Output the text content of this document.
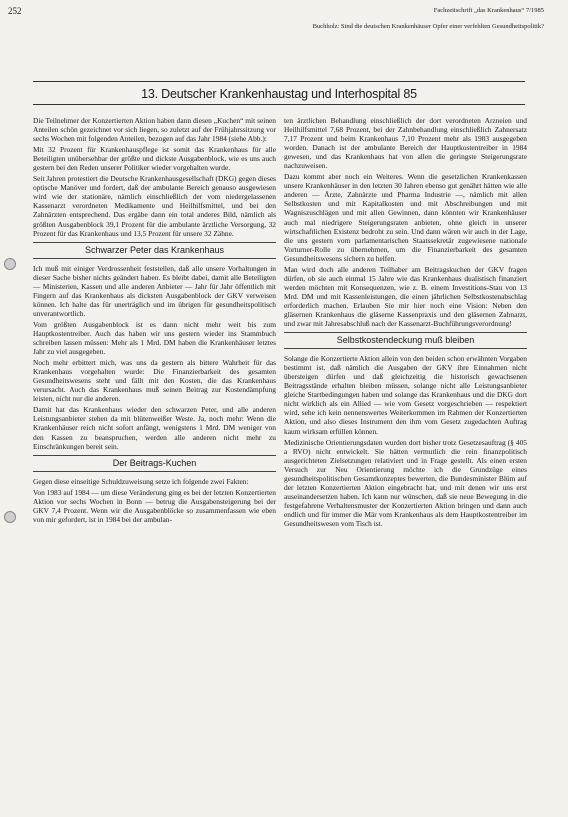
252	Fachzeitschrift „das Krankenhaus“ 7/1985
Buchholz: Sind die deutschen Krankenhäuser Opfer einer verfehlten Gesundheitspolitik?
13. Deutscher Krankenhaustag und Interhospital 85

Die Teilnehmer der Konzertierten Aktion haben dann diesen „Kuchen“ mit seinen Anteilen schön gezeichnet vor sich liegen, so zuletzt auf der Frühjahrssitzung vor sechs Wochen mit folgenden Anteilen, bezogen auf das Jahr 1984 (siehe Abb.):

Mit 32 Prozent für Krankenhauspflege ist somit das Krankenhaus für alle Beteiligten unübersehbar der größte und dickste Ausgabenblock, wie es uns auch gestern bei den Reden unserer Politiker wieder vorgehalten wurde.

Seit Jahren protestiert die Deutsche Krankenhausgesellschaft (DKG) gegen dieses optische Manöver und fordert, daß der ambulante Bereich genauso ausgewiesen wird wie der stationäre, nämlich einschließlich der vom niedergelassenen Kassenarzt verordneten Medikamente und Heilhilfsmittel, und bei den Zahnärzten entsprechend. Das ergäbe dann ein total anderes Bild, nämlich als größten Ausgabenblock 39,1 Prozent für die ambulante ärztliche Versorgung, 32 Prozent für das Krankenhaus und 13,5 Prozent für unsere 32 Zähne.

Schwarzer Peter das Krankenhaus

Ich muß mit einiger Verdrossenheit feststellen, daß alle unsere Vorhaltungen in dieser Sache bisher nichts geändert haben. Es bleibt dabei, damit alle Beteiligten — Ministerien, Kassen und alle anderen Anbieter — Jahr für Jahr öffentlich mit Fingern auf das Krankenhaus als dicksten Ausgabenblock der GKV verweisen können. Ich halte das für unerträglich und im übrigen für gesundheitspolitisch unverantwortlich.

Vom größten Ausgabenblock ist es dann nicht mehr weit bis zum Hauptkostentreiber. Auch das haben wir uns gestern wieder ins Stammbuch schreiben lassen müssen: Mehr als 1 Mrd. DM haben die Krankenhäuser letztes Jahr zu viel ausgegeben.

Noch mehr erbittert mich, was uns da gestern als bittere Wahrheit für das Krankenhaus vorgehalten wurde: Die Finanzierbarkeit des gesamten Gesundheitswesens steht und fällt mit den Kosten, die das Krankenhaus verursacht. Auch das Krankenhaus muß seinen Beitrag zur Kostendämpfung leisten, nicht nur die anderen.

Damit hat das Krankenhaus wieder den schwarzen Peter, und alle anderen Leistungsanbieter stehen da mit blütenweißer Weste. Ja, noch mehr: Wenn die Krankenhäuser reich nicht sofort anfängt, wenigstens 1 Mrd. DM weniger von den Kassen zu beanspruchen, werden alle anderen nicht mehr zu Einschränkungen bereit sein.

Der Beitrags-Kuchen

Gegen diese einseitige Schuldzuweisung setze ich folgende zwei Fakten:

Von 1983 auf 1984 — um diese Veränderung ging es bei der letzten Konzertierten Aktion vor sechs Wochen in Bonn — betrug die Ausgabensteigerung bei der GKV 7,4 Prozent. Wenn wir die Ausgabenblöcke so zusammenfassen wie eben von mir gefordert, ist in 1984 bei der ambulan-

ten ärztlichen Behandlung einschließlich der dort verordneten Arzneien und Heilhilfsmittel 7,68 Prozent, bei der Zahnbehandlung einschließlich Zahnersatz 7,17 Prozent und beim Krankenhaus 7,10 Prozent mehr als 1983 ausgegeben worden. Danach ist der ambulante Bereich der Hauptkostentreiber in 1984 gewesen, und das Krankenhaus hat von allen die geringste Steigerungsrate nachzuweisen.

Dazu kommt aber noch ein Weiteres. Wenn die gesetzlichen Krankenkassen unsere Krankenhäuser in den letzten 30 Jahren ebenso gut genährt hätten wie alle anderen — Ärzte, Zahnärzte und Pharma Industrie —, nämlich mit allen Selbstkosten und mit Kapitalkosten und mit Abschreibungen und mit Wagniszuschlägen und mit allen Gewinnen, dann könnten wir Krankenhäuser auch mal niedrigere Steigerungsraten anbieten, ohne gleich in unserer wirtschaftlichen Existenz bedroht zu sein. Und dann wären wir auch in der Lage, die uns gestern vom parlamentarischen Staatssekretär zugewiesene nationale Vorturner-Rolle zu übernehmen, um die Finanzierbarkeit des gesamten Gesundheitswesens sichern zu helfen.

Man wird doch alle anderen Teilhaber am Beitragskuchen der GKV fragen dürfen, ob sie auch einmal 15 Jahre wie das Krankenhaus dualistisch finanziert werden möchten mit Konsequenzen, wie z. B. einem Investitions-Stau von 13 Mrd. DM und mit Kassenleistungen, die einen jährlichen Selbstkostenabschlag erforderlich machen. Erlauben Sie mir hier noch eine Vision: Neben den gläsernen Krankenhaus die gläserne Kassenpraxis und den gläsernen Zahnarzt, und zwar mit Jahresabschluß nach der Kassenarzt-Buchführungsverordnung!

Selbstkostendeckung muß bleiben

Solange die Konzertierte Aktion allein von den beiden schon erwähnten Vorgaben bestimmt ist, daß nämlich die Ausgaben der GKV ihre Einnahmen nicht übersteigen dürfen und daß gleichzeitig die historisch gewachsenen Beitragsstände erhalten bleiben müssen, solange nicht alle Leistungsanbieter gleiche Startbedingungen haben und solange das Krankenhaus und die DKG dort nicht wirklich als ein Allied — wie vom Gesetz vorgeschrieben — respektiert wird, sehe ich kein nennenswertes Weiterkommen im Rahmen der Konzertierten Aktion, und also dieses Instrument den ihm vom Gesetz zugedachten Auftrag kaum wirksam erfüllen können.

Medizinische Orientierungsdaten wurden dort bisher trotz Gesetzesauftrag (§ 405 a RVO) nicht entwickelt. Sie hätten vermutlich die rein finanzpolitisch ausgerichteten Zielsetzungen relativiert und in Frage gestellt. Als einen ersten Versuch zur Neu Orientierung möchte ich die Grundzüge eines gesundheitspolitischen Gesamtkonzeptes bewerten, die Bundesminister Blüm auf der letzten Konzertierten Aktion eingebracht hat, und mit denen wir uns erst auseinandersetzen haben. Ich kann nur wünschen, daß sie neue Bewegung in die festgefahrene Verhaltensmuster der Konzertierten Aktion bringen und dann auch endlich und für immer die Mär vom Krankenhaus als dem Hauptkostentreiber im Gesundheitswesen vom Tisch ist.
